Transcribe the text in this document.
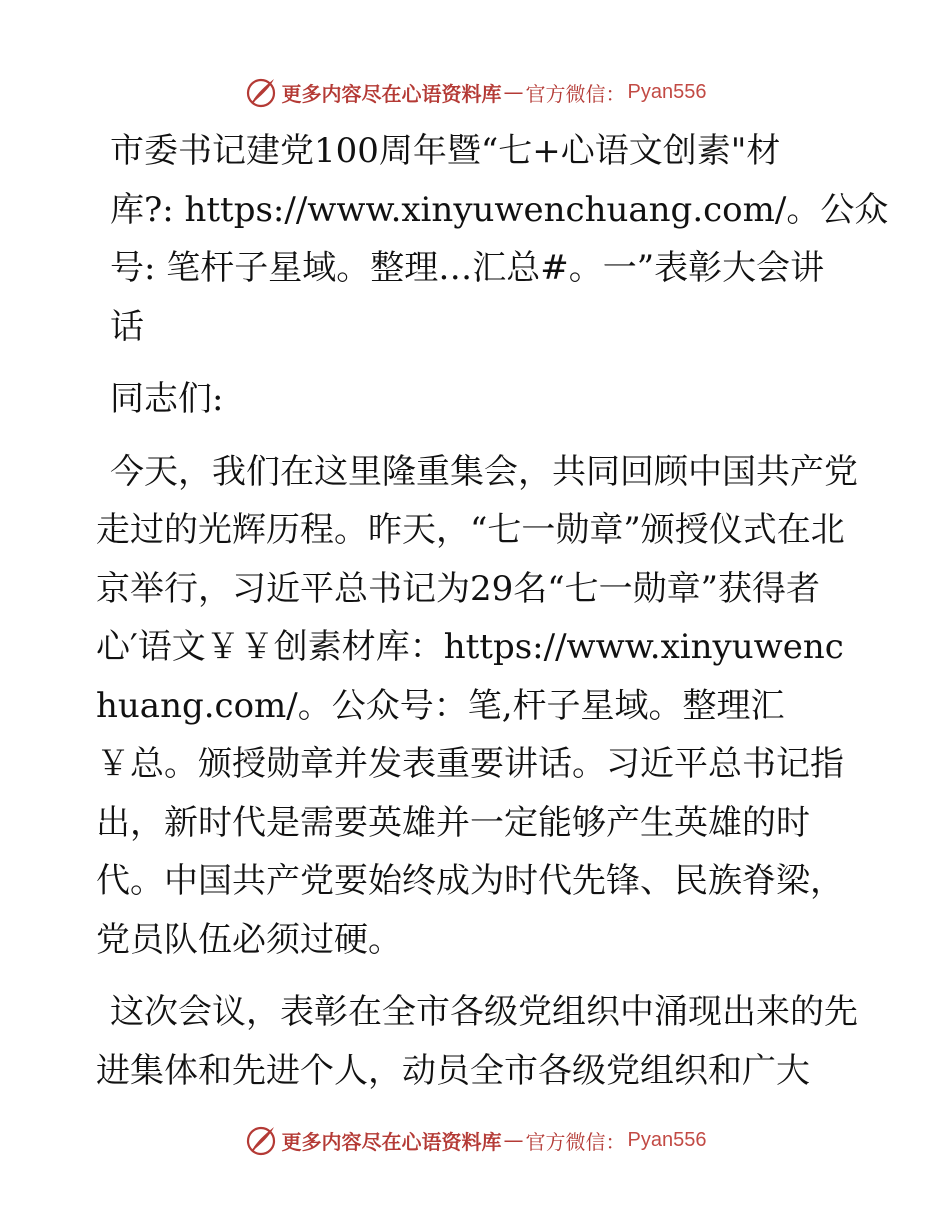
更多内容尽在心语资料库 — 官方微信： Pyan556
市委书记建党100周年暨“七+心语文创素"材
库?: https://www.xinyuwenchuang.com/。公众
号: 笔杆子星域。整理…汇总#。一”表彰大会讲
话
同志们:
今天，我们在这里隆重集会，共同回顾中国共产党走过的光辉历程。昨天，“七一勋章”颁授仪式在北京举行，习近平总书记为29名“七一勋章”获得者心′语文￥￥创素材库：https://www.xinyuwenchuang.com/。公众号：笔,杆子星域。整理汇￥总。颁授勋章并发表重要讲话。习近平总书记指出，新时代是需要英雄并一定能够产生英雄的时代。中国共产党要始终成为时代先锋、民族脊梁，党员队伍必须过硬。
这次会议，表彰在全市各级党组织中涌现出来的先进集体和先进个人，动员全市各级党组织和广大
更多内容尽在心语资料库 — 官方微信： Pyan556
